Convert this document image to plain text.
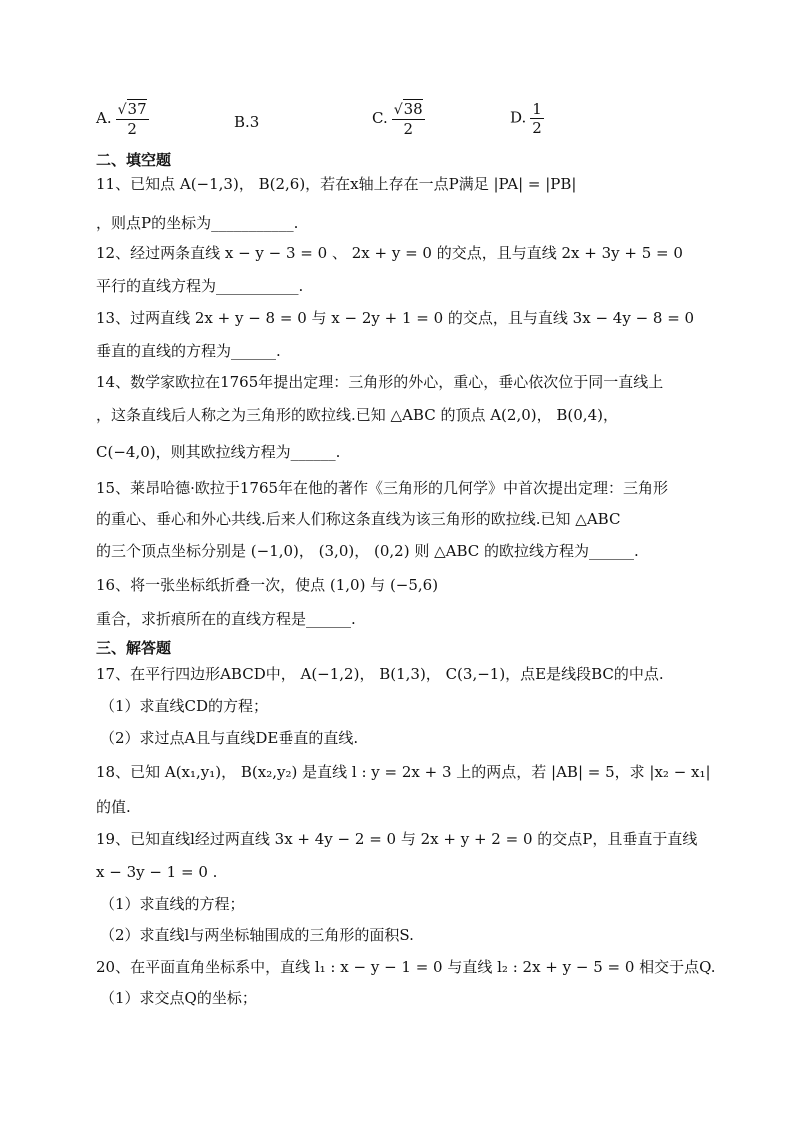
A. $\frac{√37}{2}$	B.3	C. $\frac{√38}{2}$	D. $\frac{1}{2}$
二、填空题
11、已知点 A(−1,3)， B(2,6)，若在x轴上存在一点P满足 |PA| = |PB|
，则点P的坐标为___________.
12、经过两条直线 x − y − 3 = 0 、 2x + y = 0 的交点，且与直线 2x + 3y + 5 = 0
平行的直线方程为___________.
13、过两直线 2x + y − 8 = 0 与 x − 2y + 1 = 0 的交点，且与直线 3x − 4y − 8 = 0
垂直的直线的方程为______.
14、数学家欧拉在1765年提出定理：三角形的外心，重心，垂心依次位于同一直线上
，这条直线后人称之为三角形的欧拉线.已知 △ABC 的顶点 A(2,0)， B(0,4)，
C(−4,0)，则其欧拉线方程为______.
15、莱昂哈德·欧拉于1765年在他的著作《三角形的几何学》中首次提出定理：三角形
的重心、垂心和外心共线.后来人们称这条直线为该三角形的欧拉线.已知 △ABC
的三个顶点坐标分别是 (−1,0)， (3,0)， (0,2) 则 △ABC 的欧拉线方程为______.
16、将一张坐标纸折叠一次，使点 (1,0) 与 (−5,6)
重合，求折痕所在的直线方程是______.
三、解答题
17、在平行四边形ABCD中， A(−1,2)， B(1,3)， C(3,−1)，点E是线段BC的中点.
（1）求直线CD的方程；
（2）求过点A且与直线DE垂直的直线.
18、已知 A(x₁,y₁)， B(x₂,y₂) 是直线 l : y = 2x + 3 上的两点，若 |AB| = 5，求 |x₂ − x₁|
的值.
19、已知直线l经过两直线 3x + 4y − 2 = 0 与 2x + y + 2 = 0 的交点P，且垂直于直线
x − 3y − 1 = 0 .
（1）求直线的方程；
（2）求直线l与两坐标轴围成的三角形的面积S.
20、在平面直角坐标系中，直线 l₁ : x − y − 1 = 0 与直线 l₂ : 2x + y − 5 = 0 相交于点Q.
（1）求交点Q的坐标；
